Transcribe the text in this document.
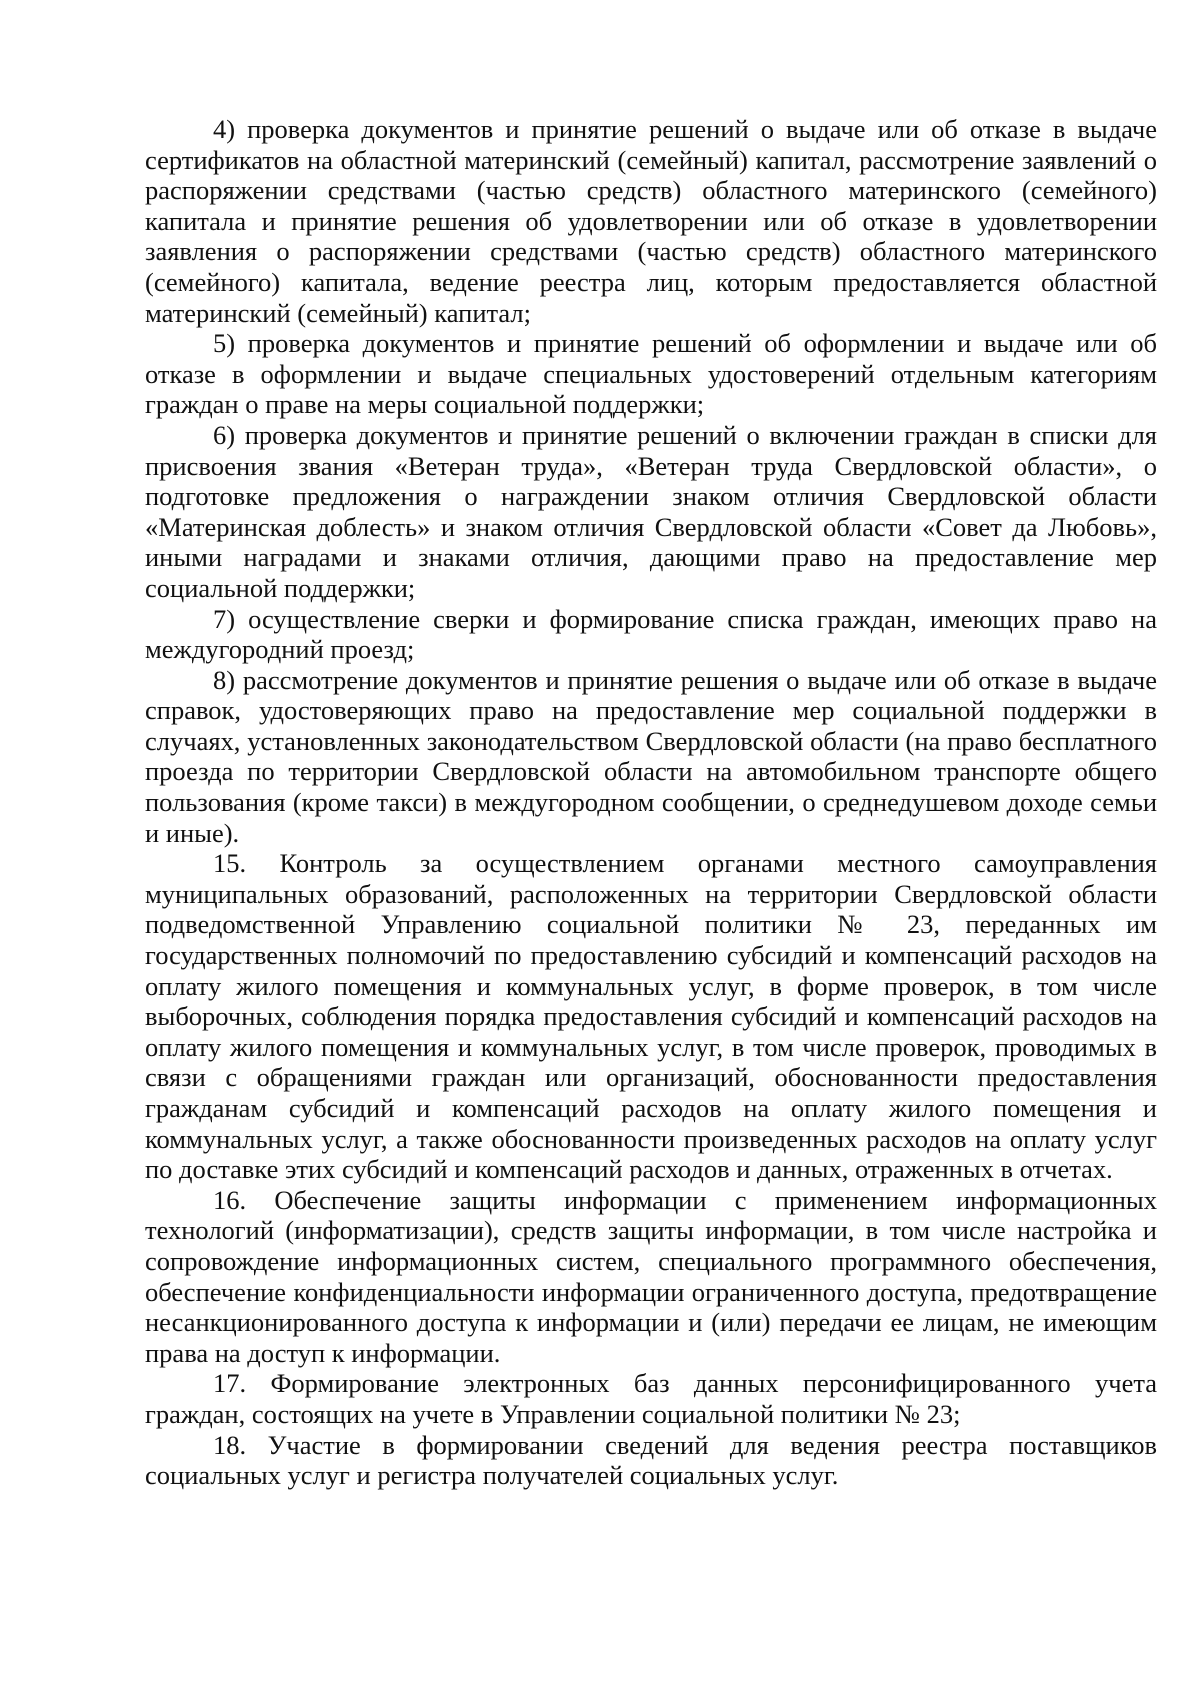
4) проверка документов и принятие решений о выдаче или об отказе в выдаче сертификатов на областной материнский (семейный) капитал, рассмотрение заявлений о распоряжении средствами (частью средств) областного материнского (семейного) капитала и принятие решения об удовлетворении или об отказе в удовлетворении заявления о распоряжении средствами (частью средств) областного материнского (семейного) капитала, ведение реестра лиц, которым предоставляется областной материнский (семейный) капитал;

5) проверка документов и принятие решений об оформлении и выдаче или об отказе в оформлении и выдаче специальных удостоверений отдельным категориям граждан о праве на меры социальной поддержки;

6) проверка документов и принятие решений о включении граждан в списки для присвоения звания «Ветеран труда», «Ветеран труда Свердловской области», о подготовке предложения о награждении знаком отличия Свердловской области «Материнская доблесть» и знаком отличия Свердловской области «Совет да Любовь», иными наградами и знаками отличия, дающими право на предоставление мер социальной поддержки;

7) осуществление сверки и формирование списка граждан, имеющих право на междугородний проезд;

8) рассмотрение документов и принятие решения о выдаче или об отказе в выдаче справок, удостоверяющих право на предоставление мер социальной поддержки в случаях, установленных законодательством Свердловской области (на право бесплатного проезда по территории Свердловской области на автомобильном транспорте общего пользования (кроме такси) в междугородном сообщении, о среднедушевом доходе семьи и иные).

15. Контроль за осуществлением органами местного самоуправления муниципальных образований, расположенных на территории Свердловской области подведомственной Управлению социальной политики № 23, переданных им государственных полномочий по предоставлению субсидий и компенсаций расходов на оплату жилого помещения и коммунальных услуг, в форме проверок, в том числе выборочных, соблюдения порядка предоставления субсидий и компенсаций расходов на оплату жилого помещения и коммунальных услуг, в том числе проверок, проводимых в связи с обращениями граждан или организаций, обоснованности предоставления гражданам субсидий и компенсаций расходов на оплату жилого помещения и коммунальных услуг, а также обоснованности произведенных расходов на оплату услуг по доставке этих субсидий и компенсаций расходов и данных, отраженных в отчетах.

16. Обеспечение защиты информации с применением информационных технологий (информатизации), средств защиты информации, в том числе настройка и сопровождение информационных систем, специального программного обеспечения, обеспечение конфиденциальности информации ограниченного доступа, предотвращение несанкционированного доступа к информации и (или) передачи ее лицам, не имеющим права на доступ к информации.

17. Формирование электронных баз данных персонифицированного учета граждан, состоящих на учете в Управлении социальной политики № 23;

18. Участие в формировании сведений для ведения реестра поставщиков социальных услуг и регистра получателей социальных услуг.
